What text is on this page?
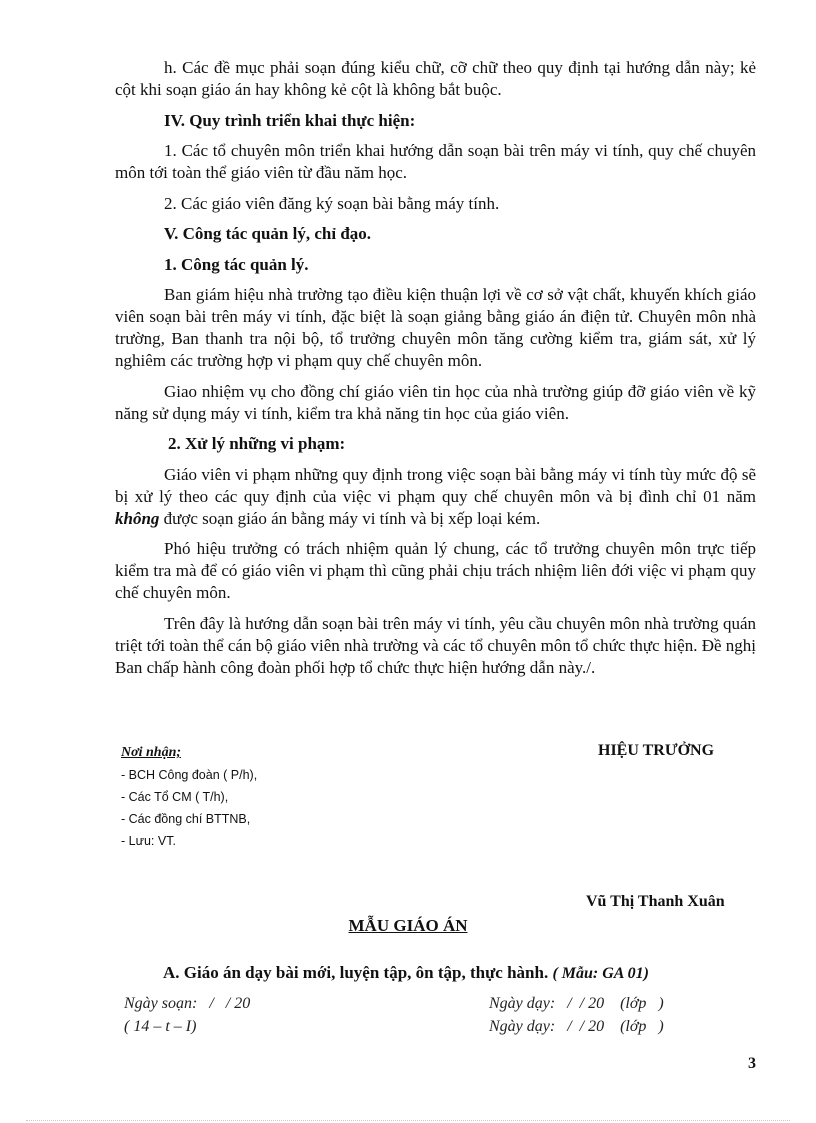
h. Các đề mục phải soạn đúng kiểu chữ, cỡ chữ theo quy định tại hướng dẫn này; kẻ cột khi soạn giáo án hay không kẻ cột là không bắt buộc.

IV. Quy trình triển khai thực hiện:

1. Các tổ chuyên môn triển khai hướng dẫn soạn bài trên máy vi tính, quy chế chuyên môn tới toàn thể giáo viên từ đầu năm học.

2. Các giáo viên đăng ký soạn bài bằng máy tính.

V. Công tác quản lý, chỉ đạo.

1. Công tác quản lý.

Ban giám hiệu nhà trường tạo điều kiện thuận lợi về cơ sở vật chất, khuyến khích giáo viên soạn bài trên máy vi tính, đặc biệt là soạn giảng bằng giáo án điện tử. Chuyên môn nhà trường, Ban thanh tra nội bộ, tổ trưởng chuyên môn tăng cường kiểm tra, giám sát, xử lý nghiêm các trường hợp vi phạm quy chế chuyên môn.

Giao nhiệm vụ cho đồng chí giáo viên tin học của nhà trường giúp đỡ giáo viên về kỹ năng sử dụng máy vi tính, kiểm tra khả năng tin học của giáo viên.

2. Xử lý những vi phạm:

Giáo viên vi phạm những quy định trong việc soạn bài bằng máy vi tính tùy mức độ sẽ bị xử lý theo các quy định của việc vi phạm quy chế chuyên môn và bị đình chỉ 01 năm không được soạn giáo án bằng máy vi tính và bị xếp loại kém.

Phó hiệu trưởng có trách nhiệm quản lý chung, các tổ trưởng chuyên môn trực tiếp kiểm tra mà để có giáo viên vi phạm thì cũng phải chịu trách nhiệm liên đới việc vi phạm quy chế chuyên môn.

Trên đây là hướng dẫn soạn bài trên máy vi tính, yêu cầu chuyên môn nhà trường quán triệt tới toàn thể cán bộ giáo viên nhà trường và các tổ chuyên môn tổ chức thực hiện. Đề nghị Ban chấp hành công đoàn phối hợp tổ chức thực hiện hướng dẫn này./.

Nơi nhận;
- BCH Công đoàn ( P/h),
- Các Tổ CM ( T/h),
- Các đồng chí BTTNB,
- Lưu: VT.
HIỆU TRƯỞNG
Vũ Thị Thanh Xuân
MẪU GIÁO ÁN
A. Giáo án dạy bài mới, luyện tập, ôn tập, thực hành. ( Mẫu: GA 01)
Ngày soạn:   /   / 20
( 14 – t – I)
Ngày dạy:   /  / 20    (lớp   )
Ngày dạy:   /  / 20    (lớp   )
3
